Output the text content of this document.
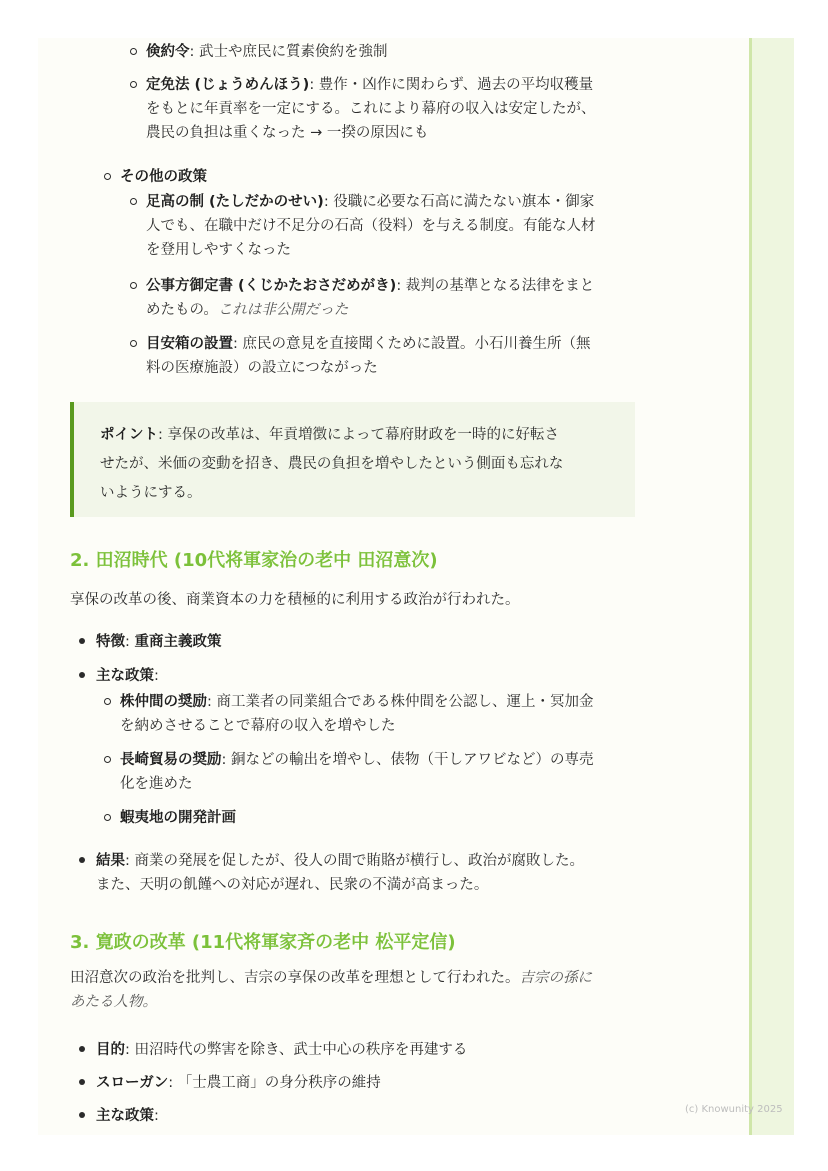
倹約令: 武士や庶民に質素倹約を強制
定免法 (じょうめんほう): 豊作・凶作に関わらず、過去の平均収穫量
をもとに年貢率を一定にする。これにより幕府の収入は安定したが、
農民の負担は重くなった → 一揆の原因にも
その他の政策
足高の制 (たしだかのせい): 役職に必要な石高に満たない旗本・御家
人でも、在職中だけ不足分の石高（役料）を与える制度。有能な人材
を登用しやすくなった
公事方御定書 (くじかたおさだめがき): 裁判の基準となる法律をまと
めたもの。これは非公開だった
目安箱の設置: 庶民の意見を直接聞くために設置。小石川養生所（無
料の医療施設）の設立につながった
ポイント: 享保の改革は、年貢増徴によって幕府財政を一時的に好転さ
せたが、米価の変動を招き、農民の負担を増やしたという側面も忘れな
いようにする。
2. 田沼時代 (10代将軍家治の老中 田沼意次)
享保の改革の後、商業資本の力を積極的に利用する政治が行われた。
特徴: 重商主義政策
主な政策:
株仲間の奨励: 商工業者の同業組合である株仲間を公認し、運上・冥加金
を納めさせることで幕府の収入を増やした
長崎貿易の奨励: 銅などの輸出を増やし、俵物（干しアワビなど）の専売
化を進めた
蝦夷地の開発計画
結果: 商業の発展を促したが、役人の間で賄賂が横行し、政治が腐敗した。
また、天明の飢饉への対応が遅れ、民衆の不満が高まった。
3. 寛政の改革 (11代将軍家斉の老中 松平定信)
田沼意次の政治を批判し、吉宗の享保の改革を理想として行われた。吉宗の孫に
あたる人物。
目的: 田沼時代の弊害を除き、武士中心の秩序を再建する
スローガン: 「士農工商」の身分秩序の維持
主な政策:	(c) Knowunity 2025
